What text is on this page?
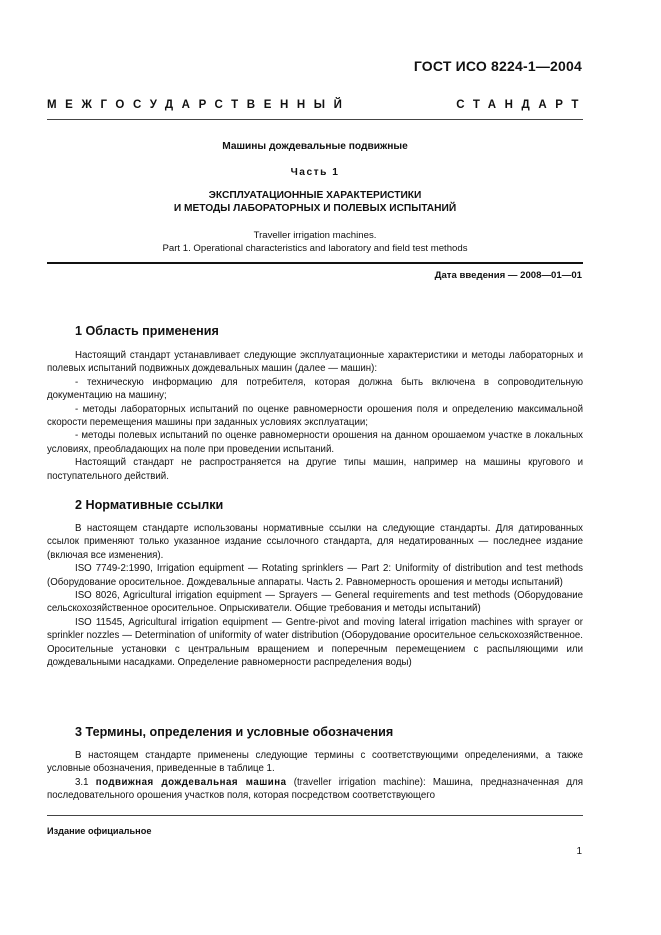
ГОСТ ИСО 8224-1—2004
МЕЖГОСУДАРСТВЕННЫЙ	СТАНДАРТ
Машины дождевальные подвижные
Часть 1
ЭКСПЛУАТАЦИОННЫЕ ХАРАКТЕРИСТИКИ
И МЕТОДЫ ЛАБОРАТОРНЫХ И ПОЛЕВЫХ ИСПЫТАНИЙ
Traveller irrigation machines.
Part 1. Operational characteristics and laboratory and field test methods
Дата введения — 2008—01—01
1 Область применения

Настоящий стандарт устанавливает следующие эксплуатационные характеристики и методы лабораторных и полевых испытаний подвижных дождевальных машин (далее — машин):

- техническую информацию для потребителя, которая должна быть включена в сопроводительную документацию на машину;

- методы лабораторных испытаний по оценке равномерности орошения поля и определению максимальной скорости перемещения машины при заданных условиях эксплуатации;

- методы полевых испытаний по оценке равномерности орошения на данном орошаемом участке в локальных условиях, преобладающих на поле при проведении испытаний.

Настоящий стандарт не распространяется на другие типы машин, например на машины кругового и поступательного действий.

2 Нормативные ссылки

В настоящем стандарте использованы нормативные ссылки на следующие стандарты. Для датированных ссылок применяют только указанное издание ссылочного стандарта, для недатированных — последнее издание (включая все изменения).

ISO 7749-2:1990, Irrigation equipment — Rotating sprinklers — Part 2: Uniformity of distribution and test methods (Оборудование оросительное. Дождевальные аппараты. Часть 2. Равномерность орошения и методы испытаний)

ISO 8026, Agricultural irrigation equipment — Sprayers — General requirements and test methods (Оборудование сельскохозяйственное оросительное. Опрыскиватели. Общие требования и методы испытаний)

ISO 11545, Agricultural irrigation equipment — Gentre-pivot and moving lateral irrigation machines with sprayer or sprinkler nozzles — Determination of uniformity of water distribution (Оборудование оросительное сельскохозяйственное. Оросительные установки с центральным вращением и поперечным перемещением с распыляющими или дождевальными насадками. Определение равномерности распределения воды)

3 Термины, определения и условные обозначения

В настоящем стандарте применены следующие термины с соответствующими определениями, а также условные обозначения, приведенные в таблице 1.

3.1 подвижная дождевальная машина (traveller irrigation machine): Машина, предназначенная для последовательного орошения участков поля, которая посредством соответствующего

Издание официальное
1
